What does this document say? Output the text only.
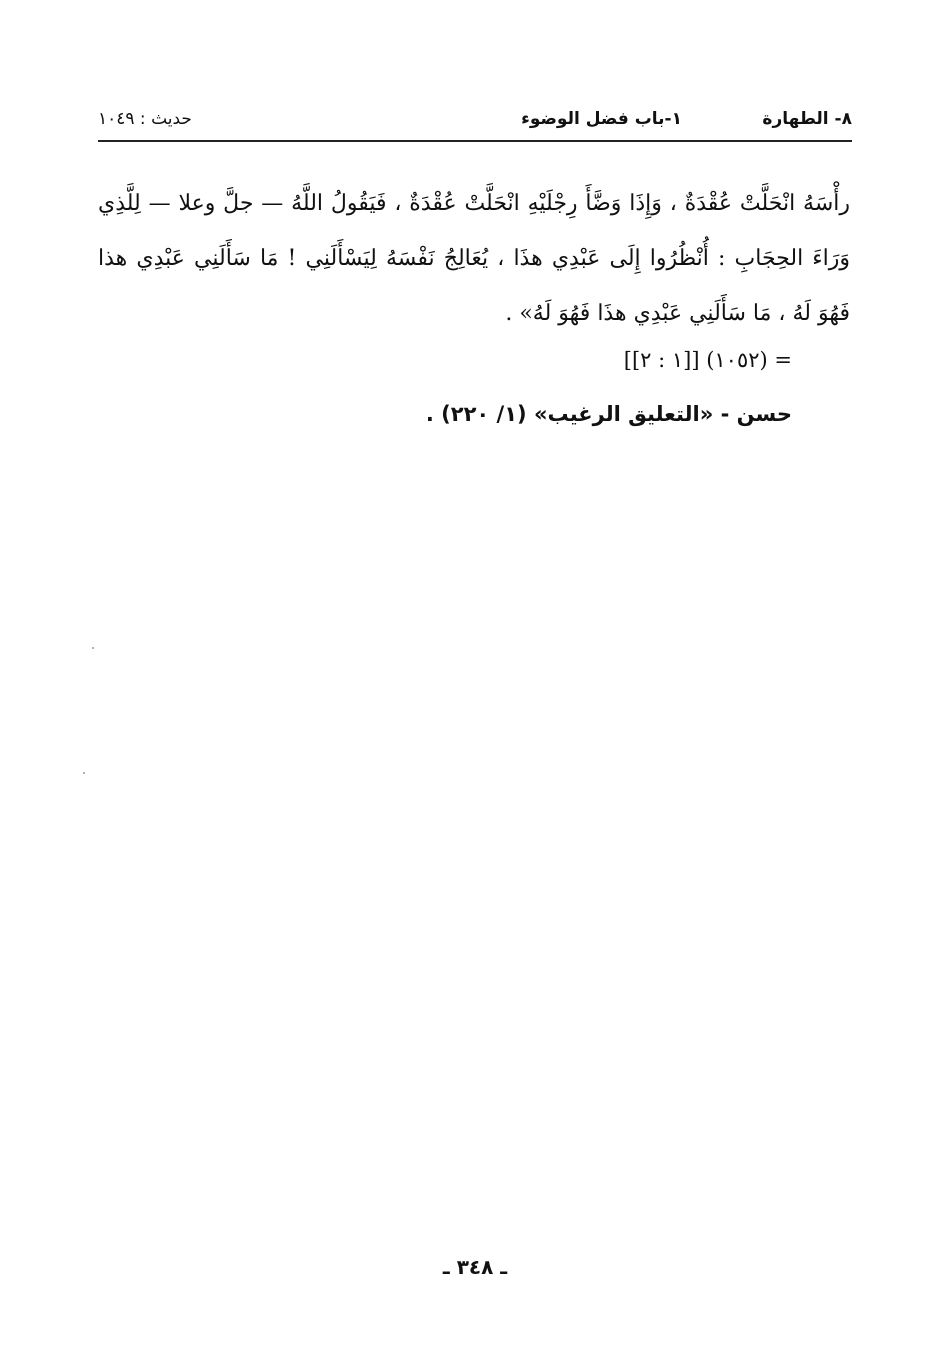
٨- الطهارة
١-باب فضل الوضوء
حديث : ١٠٤٩
رأْسَهُ انْحَلَّتْ عُقْدَةٌ ، وَإِذَا وَضَّأَ رِجْلَيْهِ انْحَلَّتْ عُقْدَةٌ ، فَيَقُولُ اللَّهُ — جلَّ وعلا — لِلَّذِي وَرَاءَ الحِجَابِ : أُنْظُرُوا إِلَى عَبْدِي هذَا ، يُعَالِجُ نَفْسَهُ لِيَسْأَلَنِي ! مَا سَأَلَنِي عَبْدِي هذا فَهُوَ لَهُ ، مَا سَأَلَنِي عَبْدِي هذَا فَهُوَ لَهُ» .
= (١٠٥٢) [[١ : ٢]]
حسن - «التعليق الرغيب» (١/ ٢٢٠) .
ـ ٣٤٨ ـ
